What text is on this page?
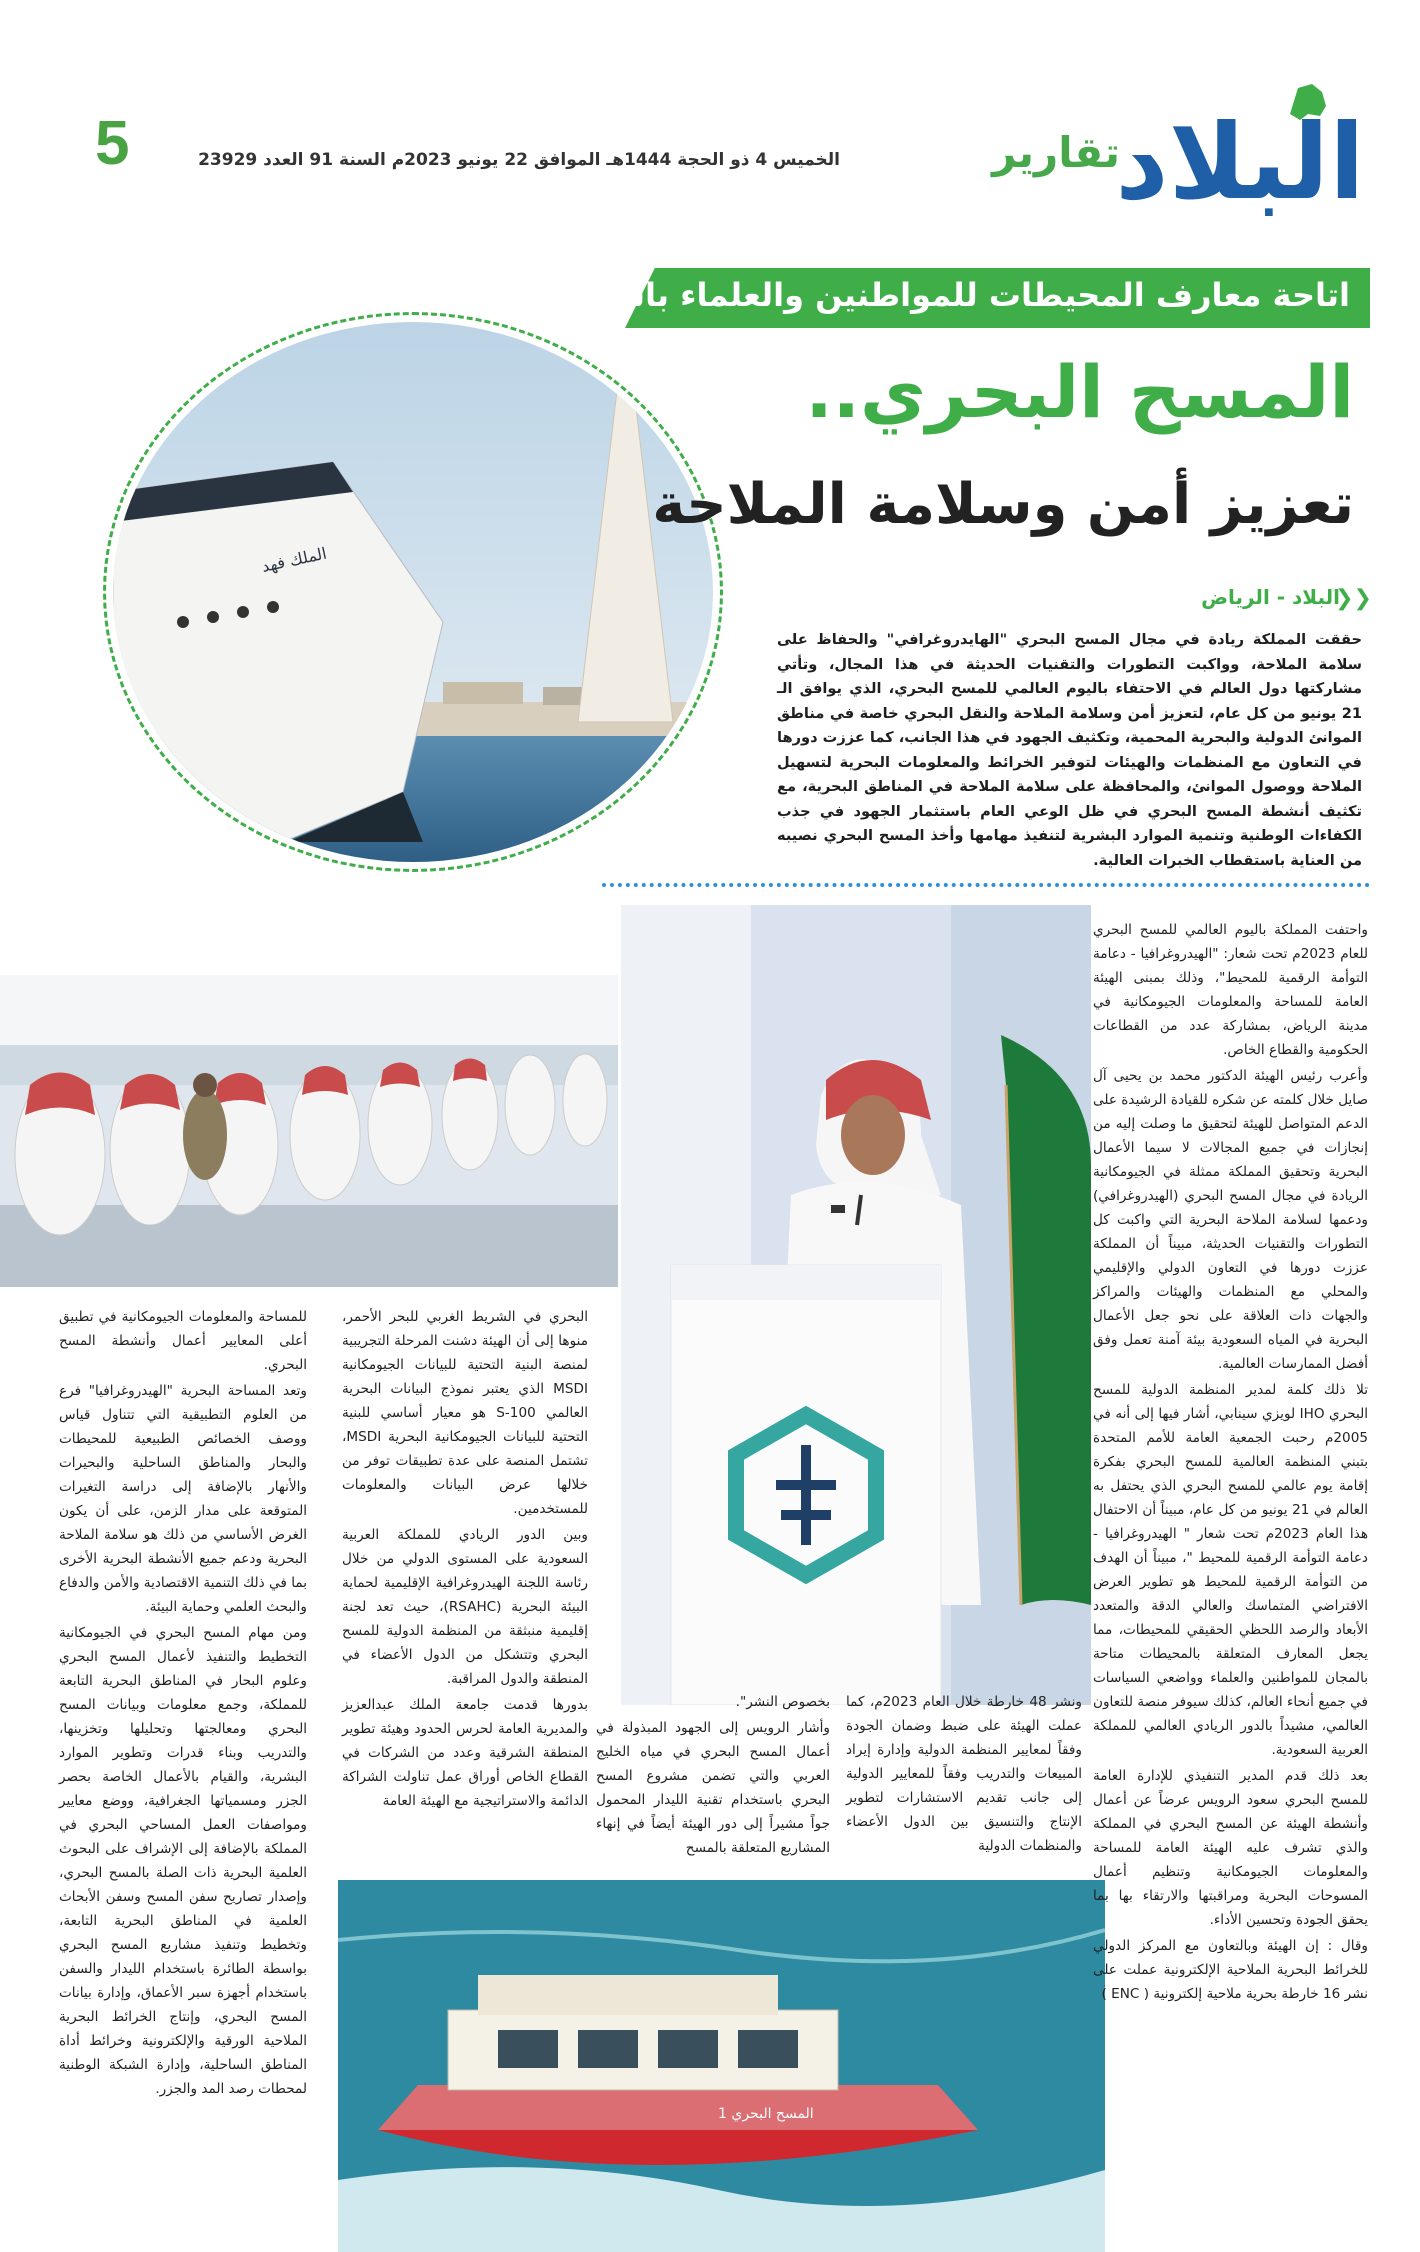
البلاد
تقارير
الخميس 4 ذو الحجة 1444هـ الموافق 22 يونيو 2023م السنة 91 العدد 23929
5
اتاحة معارف المحيطات للمواطنين والعلماء بالمجان
الملك فهد
المسح البحري..
تعزيز أمن وسلامة الملاحة
❯❯
البلاد - الرياض
حققت المملكة ريادة في مجال المسح البحري "الهايدروغرافي" والحفاظ على سلامة الملاحة، وواكبت التطورات والتقنيات الحديثة في هذا المجال، وتأتي مشاركتها دول العالم في الاحتفاء باليوم العالمي للمسح البحري، الذي يوافق الـ 21 يونيو من كل عام، لتعزيز أمن وسلامة الملاحة والنقل البحري خاصة في مناطق الموانئ الدولية والبحرية المحمية، وتكثيف الجهود في هذا الجانب، كما عززت دورها في التعاون مع المنظمات والهيئات لتوفير الخرائط والمعلومات البحرية لتسهيل الملاحة ووصول الموانئ، والمحافظة على سلامة الملاحة في المناطق البحرية، مع تكثيف أنشطة المسح البحري في ظل الوعي العام باستثمار الجهود في جذب الكفاءات الوطنية وتنمية الموارد البشرية لتنفيذ مهامها وأخذ المسح البحري نصيبه من العناية باستقطاب الخبرات العالية.
المسح البحري 1

واحتفت المملكة باليوم العالمي للمسح البحري للعام 2023م تحت شعار: "الهيدروغرافيا - دعامة التوأمة الرقمية للمحيط"، وذلك بمبنى الهيئة العامة للمساحة والمعلومات الجيومكانية في مدينة الرياض، بمشاركة عدد من القطاعات الحكومية والقطاع الخاص.

وأعرب رئيس الهيئة الدكتور محمد بن يحيى آل صايل خلال كلمته عن شكره للقيادة الرشيدة على الدعم المتواصل للهيئة لتحقيق ما وصلت إليه من إنجازات في جميع المجالات لا سيما الأعمال البحرية وتحقيق المملكة ممثلة في الجيومكانية الريادة في مجال المسح البحري (الهيدروغرافي) ودعمها لسلامة الملاحة البحرية التي واكبت كل التطورات والتقنيات الحديثة، مبيناً أن المملكة عززت دورها في التعاون الدولي والإقليمي والمحلي مع المنظمات والهيئات والمراكز والجهات ذات العلاقة على نحو جعل الأعمال البحرية في المياه السعودية بيئة آمنة تعمل وفق أفضل الممارسات العالمية.

تلا ذلك كلمة لمدير المنظمة الدولية للمسح البحري IHO لويزي سينابي، أشار فيها إلى أنه في 2005م رحبت الجمعية العامة للأمم المتحدة بتبني المنظمة العالمية للمسح البحري بفكرة إقامة يوم عالمي للمسح البحري الذي يحتفل به العالم في 21 يونيو من كل عام، مبيناً أن الاحتفال هذا العام 2023م تحت شعار " الهيدروغرافيا - دعامة التوأمة الرقمية للمحيط "، مبيناً أن الهدف من التوأمة الرقمية للمحيط هو تطوير العرض الافتراضي المتماسك والعالي الدقة والمتعدد الأبعاد والرصد اللحظي الحقيقي للمحيطات، مما يجعل المعارف المتعلقة بالمحيطات متاحة بالمجان للمواطنين والعلماء وواضعي السياسات في جميع أنحاء العالم، كذلك سيوفر منصة للتعاون العالمي، مشيداً بالدور الريادي العالمي للمملكة العربية السعودية.

بعد ذلك قدم المدير التنفيذي للإدارة العامة للمسح البحري سعود الرويس عرضاً عن أعمال وأنشطة الهيئة عن المسح البحري في المملكة والذي تشرف عليه الهيئة العامة للمساحة والمعلومات الجيومكانية وتنظيم أعمال المسوحات البحرية ومراقبتها والارتقاء بها بما يحقق الجودة وتحسين الأداء.

وقال : إن الهيئة وبالتعاون مع المركز الدولي للخرائط البحرية الملاحية الإلكترونية عملت على نشر 16 خارطة بحرية ملاحية إلكترونية ( ENC )

ونشر 48 خارطة خلال العام 2023م، كما عملت الهيئة على ضبط وضمان الجودة وفقاً لمعايير المنظمة الدولية وإدارة إيراد المبيعات والتدريب وفقاً للمعايير الدولية إلى جانب تقديم الاستشارات لتطوير الإنتاج والتنسيق بين الدول الأعضاء والمنظمات الدولية

بخصوص النشر".

وأشار الرويس إلى الجهود المبذولة في أعمال المسح البحري في مياه الخليج العربي والتي تضمن مشروع المسح البحري باستخدام تقنية الليدار المحمول جواً مشيراً إلى دور الهيئة أيضاً في إنهاء المشاريع المتعلقة بالمسح

البحري في الشريط الغربي للبحر الأحمر، منوها إلى أن الهيئة دشنت المرحلة التجريبية لمنصة البنية التحتية للبيانات الجيومكانية MSDI الذي يعتبر نموذج البيانات البحرية العالمي S-100 هو معيار أساسي للبنية التحتية للبيانات الجيومكانية البحرية MSDI، تشتمل المنصة على عدة تطبيقات توفر من خلالها عرض البيانات والمعلومات للمستخدمين.

وبين الدور الريادي للمملكة العربية السعودية على المستوى الدولي من خلال رئاسة اللجنة الهيدروغرافية الإقليمية لحماية البيئة البحرية (RSAHC)، حيث تعد لجنة إقليمية منبثقة من المنظمة الدولية للمسح البحري وتتشكل من الدول الأعضاء في المنطقة والدول المراقبة.

بدورها قدمت جامعة الملك عبدالعزيز والمديرية العامة لحرس الحدود وهيئة تطوير المنطقة الشرقية وعدد من الشركات في القطاع الخاص أوراق عمل تناولت الشراكة الدائمة والاستراتيجية مع الهيئة العامة

للمساحة والمعلومات الجيومكانية في تطبيق أعلى المعايير أعمال وأنشطة المسح البحري.

وتعد المساحة البحرية "الهيدروغرافيا" فرع من العلوم التطبيقية التي تتناول قياس ووصف الخصائص الطبيعية للمحيطات والبحار والمناطق الساحلية والبحيرات والأنهار بالإضافة إلى دراسة التغيرات المتوقعة على مدار الزمن، على أن يكون الغرض الأساسي من ذلك هو سلامة الملاحة البحرية ودعم جميع الأنشطة البحرية الأخرى بما في ذلك التنمية الاقتصادية والأمن والدفاع والبحث العلمي وحماية البيئة.

ومن مهام المسح البحري في الجيومكانية التخطيط والتنفيذ لأعمال المسح البحري وعلوم البحار في المناطق البحرية التابعة للمملكة، وجمع معلومات وبيانات المسح البحري ومعالجتها وتحليلها وتخزينها، والتدريب وبناء قدرات وتطوير الموارد البشرية، والقيام بالأعمال الخاصة بحصر الجزر ومسمياتها الجغرافية، ووضع معايير ومواصفات العمل المساحي البحري في المملكة بالإضافة إلى الإشراف على البحوث العلمية البحرية ذات الصلة بالمسح البحري، وإصدار تصاريح سفن المسح وسفن الأبحاث العلمية في المناطق البحرية التابعة، وتخطيط وتنفيذ مشاريع المسح البحري بواسطة الطائرة باستخدام الليدار والسفن باستخدام أجهزة سبر الأعماق، وإدارة بيانات المسح البحري، وإنتاج الخرائط البحرية الملاحية الورقية والإلكترونية وخرائط أداة المناطق الساحلية، وإدارة الشبكة الوطنية لمحطات رصد المد والجزر.
